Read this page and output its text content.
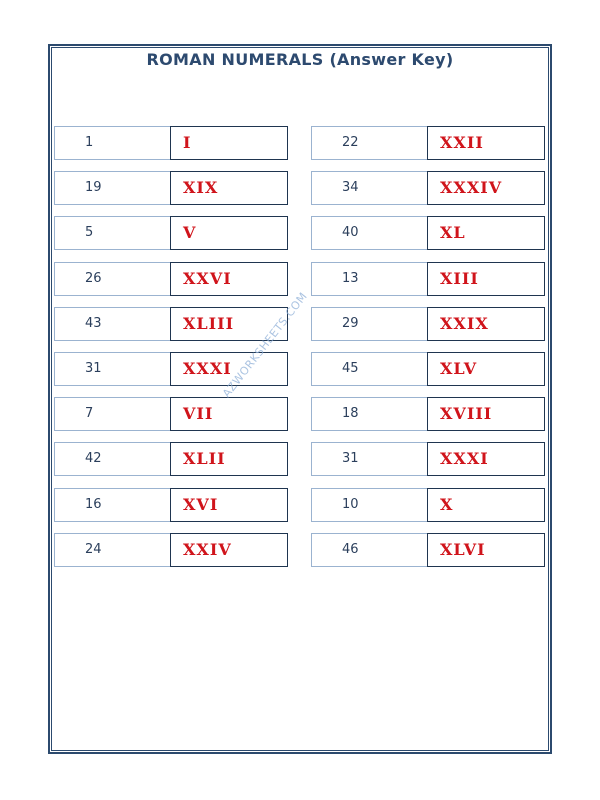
ROMAN NUMERALS (Answer Key)
1	I
19	XIX
5	V
26	XXVI
43	XLIII
31	XXXI
7	VII
42	XLII
16	XVI
24	XXIV
22	XXII
34	XXXIV
40	XL
13	XIII
29	XXIX
45	XLV
18	XVIII
31	XXXI
10	X
46	XLVI
AZWORKSHEETS.COM
